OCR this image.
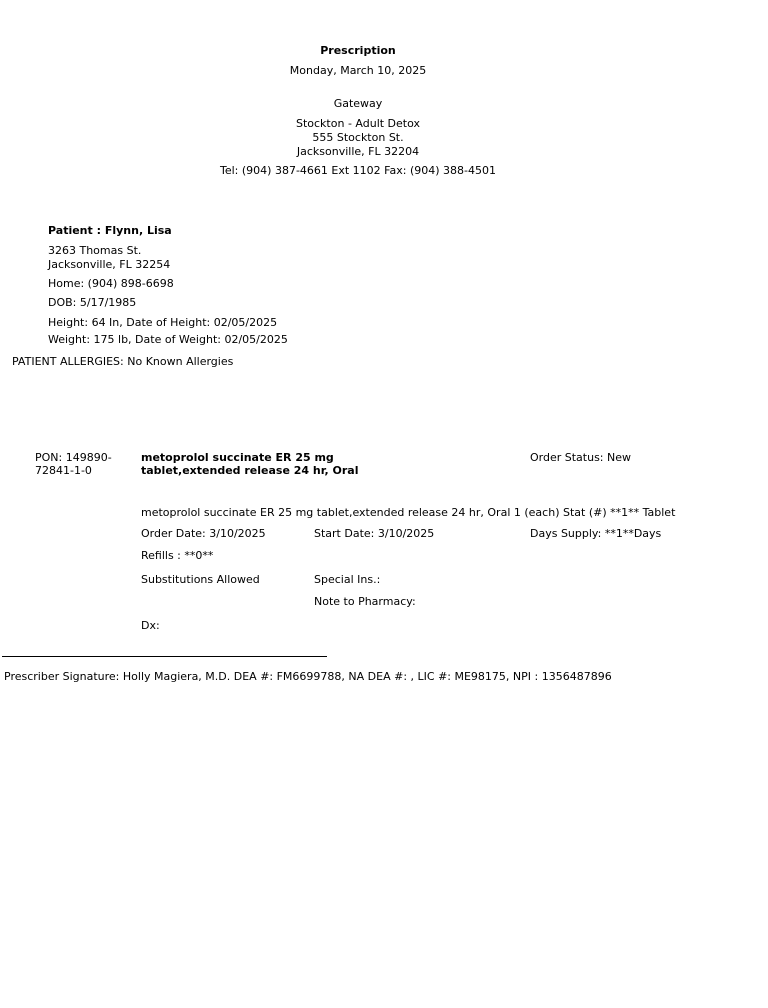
Prescription
Monday, March 10, 2025
Gateway
Stockton - Adult Detox
555 Stockton St.
Jacksonville, FL 32204
Tel: (904) 387-4661 Ext 1102 Fax: (904) 388-4501
Patient : Flynn, Lisa
3263 Thomas St.
Jacksonville, FL 32254
Home: (904) 898-6698
DOB: 5/17/1985
Height: 64 In, Date of Height: 02/05/2025
Weight: 175 lb, Date of Weight: 02/05/2025
PATIENT ALLERGIES: No Known Allergies
PON: 149890-
72841-1-0
metoprolol succinate ER 25 mg
tablet,extended release 24 hr, Oral
Order Status: New
metoprolol succinate ER 25 mg tablet,extended release 24 hr, Oral 1 (each) Stat (#) **1** Tablet
Order Date: 3/10/2025	Start Date: 3/10/2025	Days Supply: **1**Days
Refills : **0**
Substitutions Allowed	Special Ins.:
Note to Pharmacy:
Dx:
Prescriber Signature: Holly Magiera, M.D. DEA #: FM6699788, NA DEA #: , LIC #: ME98175, NPI : 1356487896
